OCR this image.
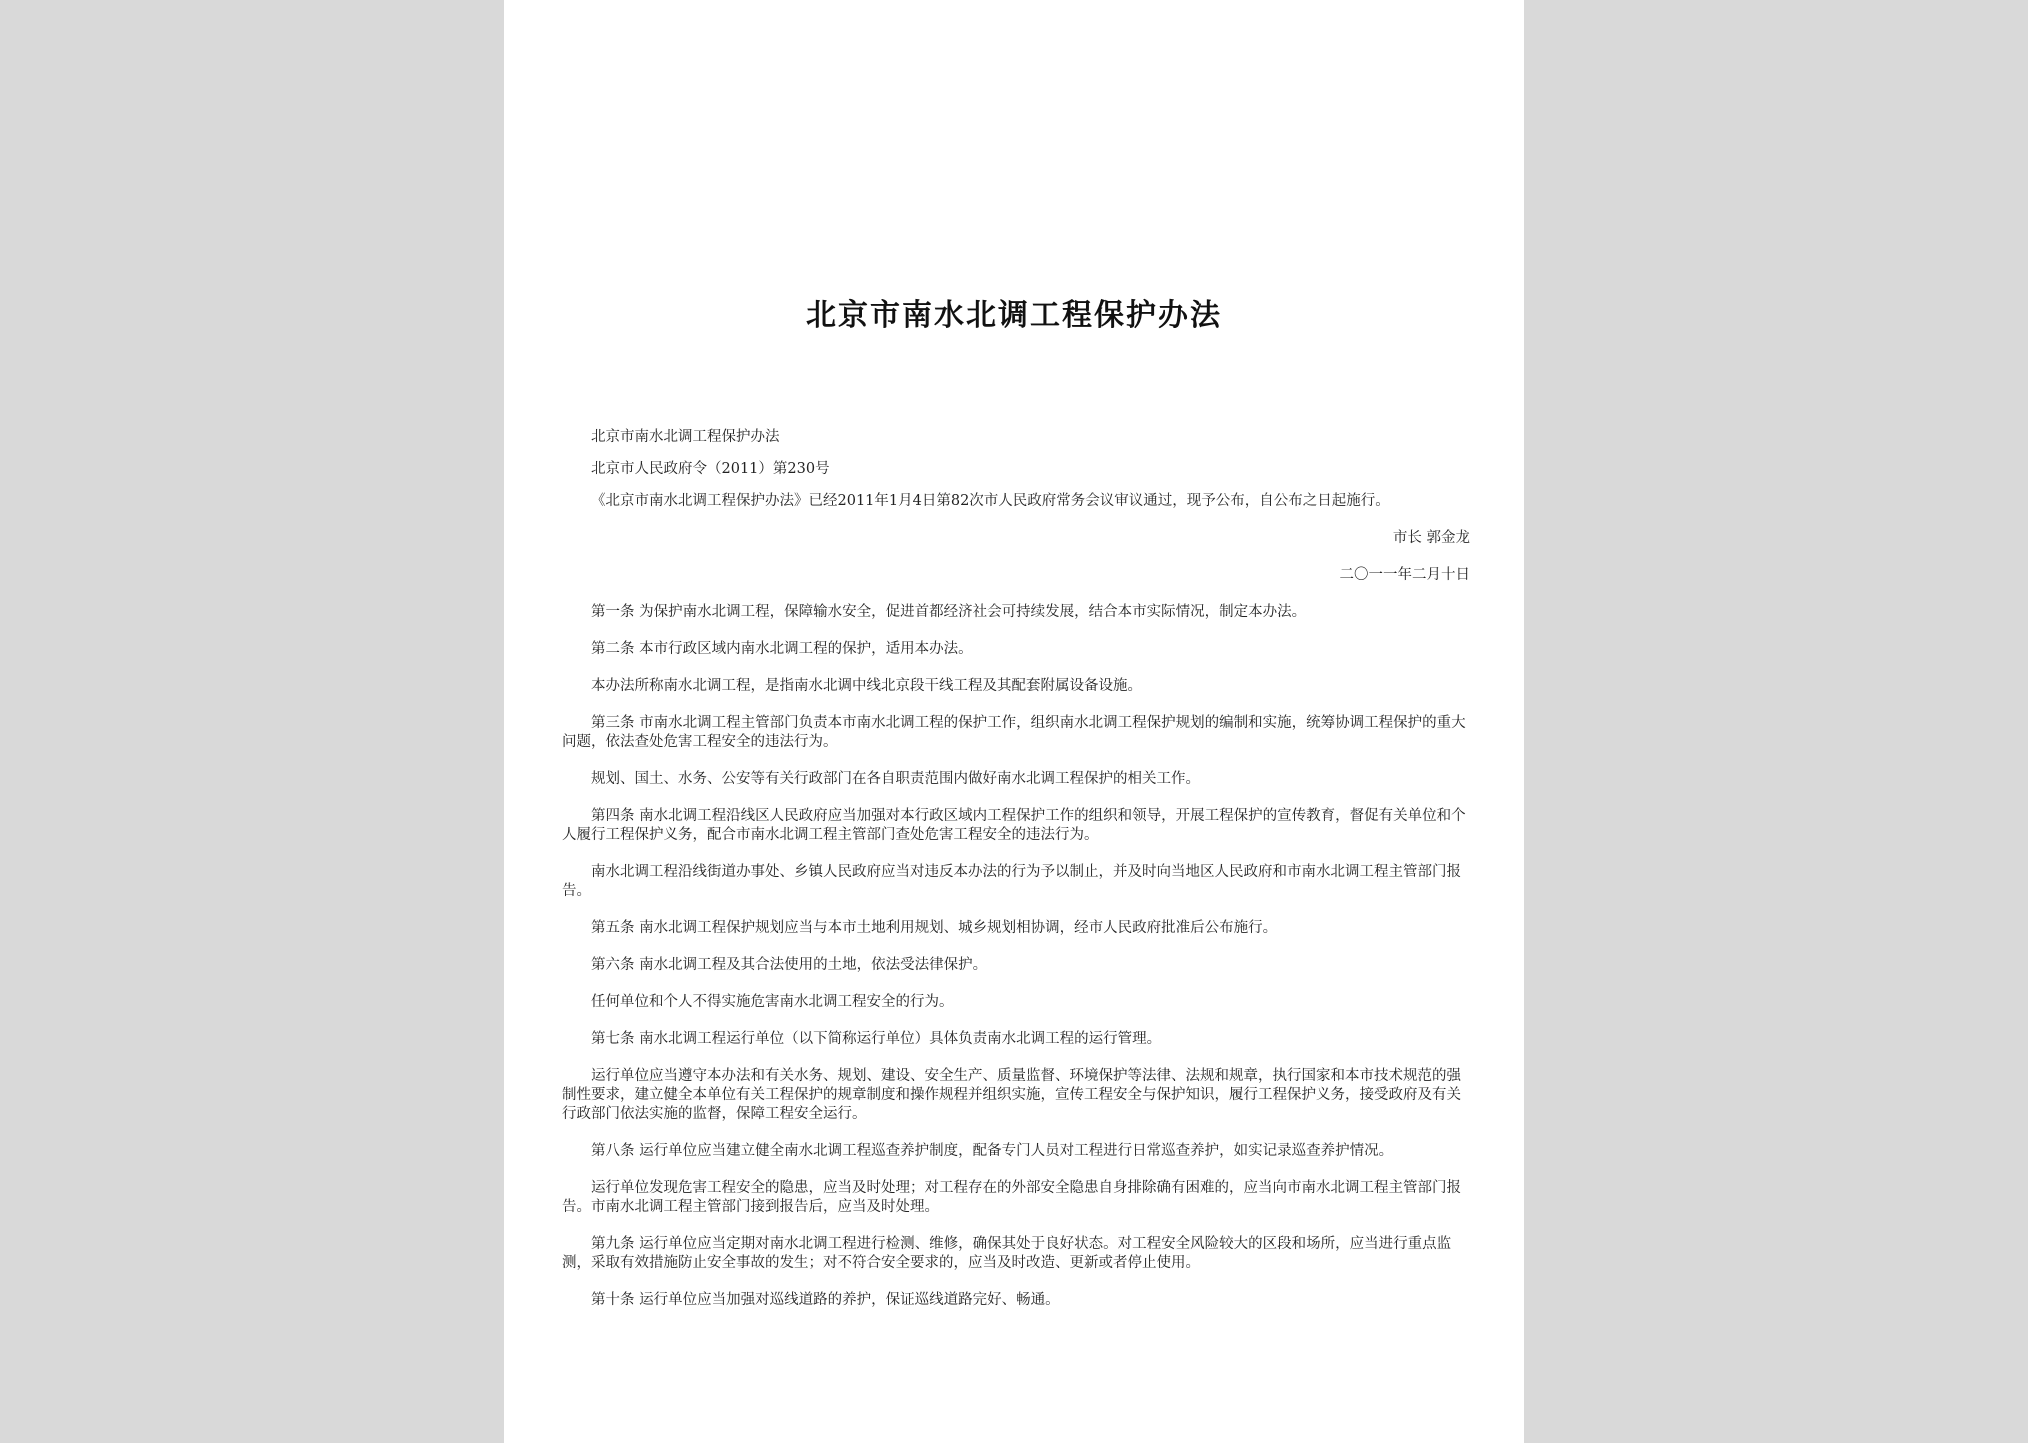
北京市南水北调工程保护办法

北京市南水北调工程保护办法

北京市人民政府令（2011）第230号

《北京市南水北调工程保护办法》已经2011年1月4日第82次市人民政府常务会议审议通过，现予公布，自公布之日起施行。

市长 郭金龙

二〇一一年二月十日

第一条 为保护南水北调工程，保障输水安全，促进首都经济社会可持续发展，结合本市实际情况，制定本办法。

第二条 本市行政区域内南水北调工程的保护，适用本办法。

本办法所称南水北调工程，是指南水北调中线北京段干线工程及其配套附属设备设施。

第三条 市南水北调工程主管部门负责本市南水北调工程的保护工作，组织南水北调工程保护规划的编制和实施，统筹协调工程保护的重大问题，依法查处危害工程安全的违法行为。

规划、国土、水务、公安等有关行政部门在各自职责范围内做好南水北调工程保护的相关工作。

第四条 南水北调工程沿线区人民政府应当加强对本行政区域内工程保护工作的组织和领导，开展工程保护的宣传教育，督促有关单位和个人履行工程保护义务，配合市南水北调工程主管部门查处危害工程安全的违法行为。

南水北调工程沿线街道办事处、乡镇人民政府应当对违反本办法的行为予以制止，并及时向当地区人民政府和市南水北调工程主管部门报告。

第五条 南水北调工程保护规划应当与本市土地利用规划、城乡规划相协调，经市人民政府批准后公布施行。

第六条 南水北调工程及其合法使用的土地，依法受法律保护。

任何单位和个人不得实施危害南水北调工程安全的行为。

第七条 南水北调工程运行单位（以下简称运行单位）具体负责南水北调工程的运行管理。

运行单位应当遵守本办法和有关水务、规划、建设、安全生产、质量监督、环境保护等法律、法规和规章，执行国家和本市技术规范的强制性要求，建立健全本单位有关工程保护的规章制度和操作规程并组织实施，宣传工程安全与保护知识，履行工程保护义务，接受政府及有关行政部门依法实施的监督，保障工程安全运行。

第八条 运行单位应当建立健全南水北调工程巡查养护制度，配备专门人员对工程进行日常巡查养护，如实记录巡查养护情况。

运行单位发现危害工程安全的隐患，应当及时处理；对工程存在的外部安全隐患自身排除确有困难的，应当向市南水北调工程主管部门报告。市南水北调工程主管部门接到报告后，应当及时处理。

第九条 运行单位应当定期对南水北调工程进行检测、维修，确保其处于良好状态。对工程安全风险较大的区段和场所，应当进行重点监测，采取有效措施防止安全事故的发生；对不符合安全要求的，应当及时改造、更新或者停止使用。

第十条 运行单位应当加强对巡线道路的养护，保证巡线道路完好、畅通。
